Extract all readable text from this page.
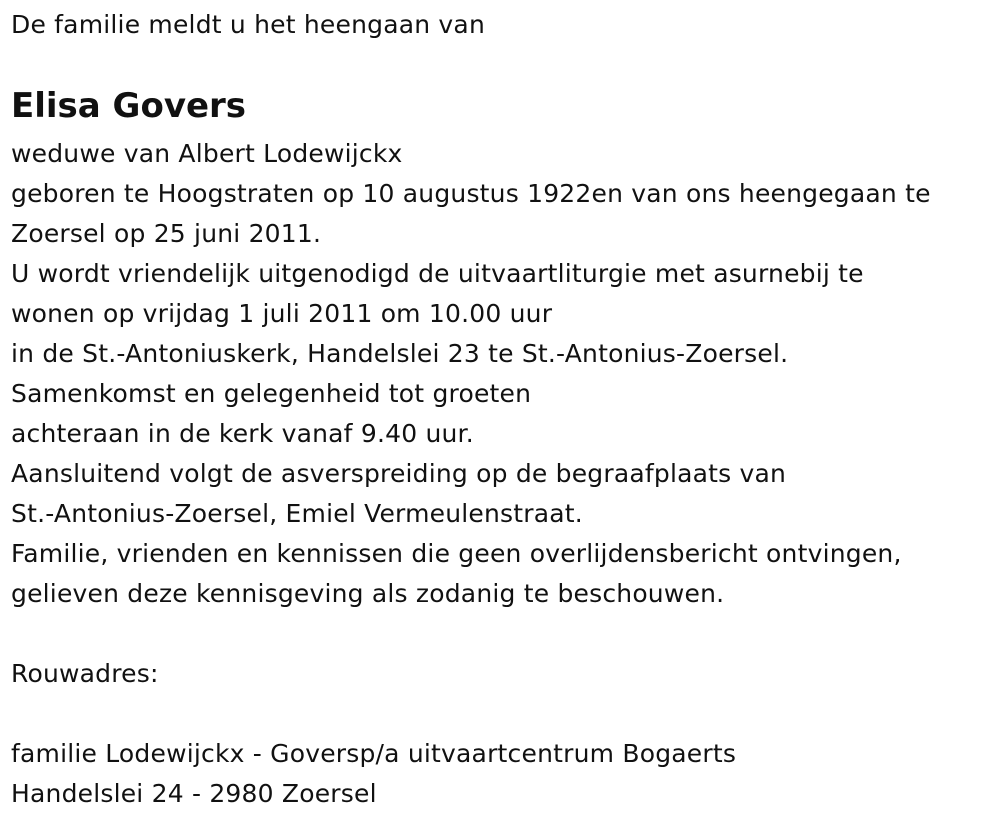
De familie meldt u het heengaan van
Elisa Govers
weduwe van Albert Lodewijckx
geboren te Hoogstraten op 10 augustus 1922en van ons heengegaan te
Zoersel op 25 juni 2011.
U wordt vriendelijk uitgenodigd de uitvaartliturgie met asurnebij te
wonen op vrijdag 1 juli 2011 om 10.00 uur
in de St.-Antoniuskerk, Handelslei 23 te St.-Antonius-Zoersel.
Samenkomst en gelegenheid tot groeten
achteraan in de kerk vanaf 9.40 uur.
Aansluitend volgt de asverspreiding op de begraafplaats van
St.-Antonius-Zoersel, Emiel Vermeulenstraat.
Familie, vrienden en kennissen die geen overlijdensbericht ontvingen,
gelieven deze kennisgeving als zodanig te beschouwen.
Rouwadres:
familie Lodewijckx - Goversp/a uitvaartcentrum Bogaerts
Handelslei 24 - 2980 Zoersel
